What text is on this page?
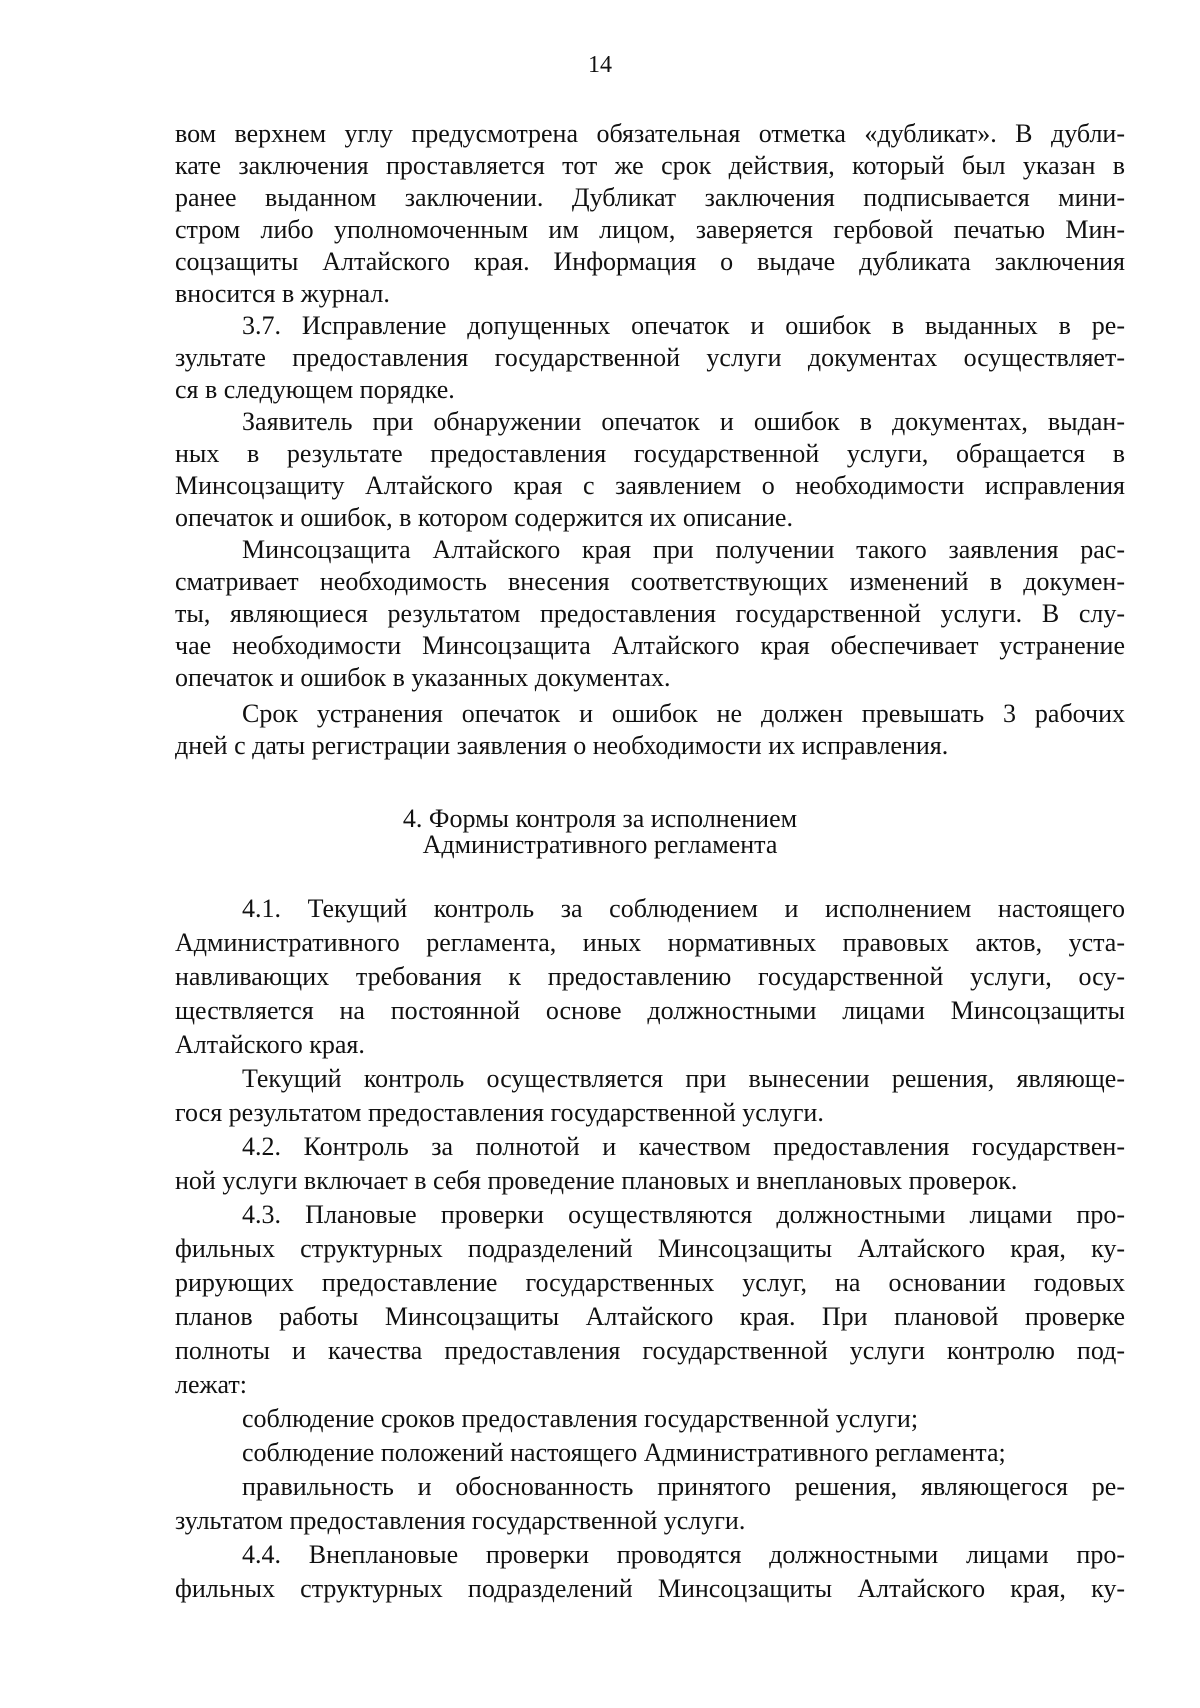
14
вом верхнем углу предусмотрена обязательная отметка «дубликат». В дубли-
кате заключения проставляется тот же срок действия, который был указан в
ранее выданном заключении. Дубликат заключения подписывается мини-
стром либо уполномоченным им лицом, заверяется гербовой печатью Мин-
соцзащиты Алтайского края. Информация о выдаче дубликата заключения
вносится в журнал.
3.7. Исправление допущенных опечаток и ошибок в выданных в ре-
зультате предоставления государственной услуги документах осуществляет-
ся в следующем порядке.
Заявитель при обнаружении опечаток и ошибок в документах, выдан-
ных в результате предоставления государственной услуги, обращается в
Минсоцзащиту Алтайского края с заявлением о необходимости исправления
опечаток и ошибок, в котором содержится их описание.
Минсоцзащита Алтайского края при получении такого заявления рас-
сматривает необходимость внесения соответствующих изменений в докумен-
ты, являющиеся результатом предоставления государственной услуги. В слу-
чае необходимости Минсоцзащита Алтайского края обеспечивает устранение
опечаток и ошибок в указанных документах.
Срок устранения опечаток и ошибок не должен превышать 3 рабочих
дней с даты регистрации заявления о необходимости их исправления.
4. Формы контроля за исполнением
Административного регламента
4.1. Текущий контроль за соблюдением и исполнением настоящего
Административного регламента, иных нормативных правовых актов, уста-
навливающих требования к предоставлению государственной услуги, осу-
ществляется на постоянной основе должностными лицами Минсоцзащиты
Алтайского края.
Текущий контроль осуществляется при вынесении решения, являюще-
гося результатом предоставления государственной услуги.
4.2. Контроль за полнотой и качеством предоставления государствен-
ной услуги включает в себя проведение плановых и внеплановых проверок.
4.3. Плановые проверки осуществляются должностными лицами про-
фильных структурных подразделений Минсоцзащиты Алтайского края, ку-
рирующих предоставление государственных услуг, на основании годовых
планов работы Минсоцзащиты Алтайского края. При плановой проверке
полноты и качества предоставления государственной услуги контролю под-
лежат:
соблюдение сроков предоставления государственной услуги;
соблюдение положений настоящего Административного регламента;
правильность и обоснованность принятого решения, являющегося ре-
зультатом предоставления государственной услуги.
4.4. Внеплановые проверки проводятся должностными лицами про-
фильных структурных подразделений Минсоцзащиты Алтайского края, ку-
